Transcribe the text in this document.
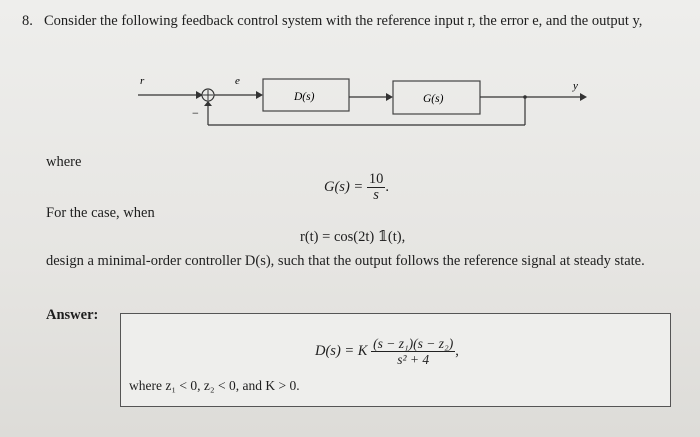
8. Consider the following feedback control system with the reference input r, the error e, and the output y,
r
−
e
D(s)	G(s)
y
where
$G(s) = \frac{10}{s}$ .
For the case, when
r(t) = cos(2t) 𝟙(t),
design a minimal-order controller D(s), such that the output follows the reference signal at steady state.
Answer:
D(s) = K $\frac{\text{(s − z₁)(s − z₂)}}{\text{s² + 4}}$ ,
where z₁ < 0, z₂ < 0, and K > 0.
